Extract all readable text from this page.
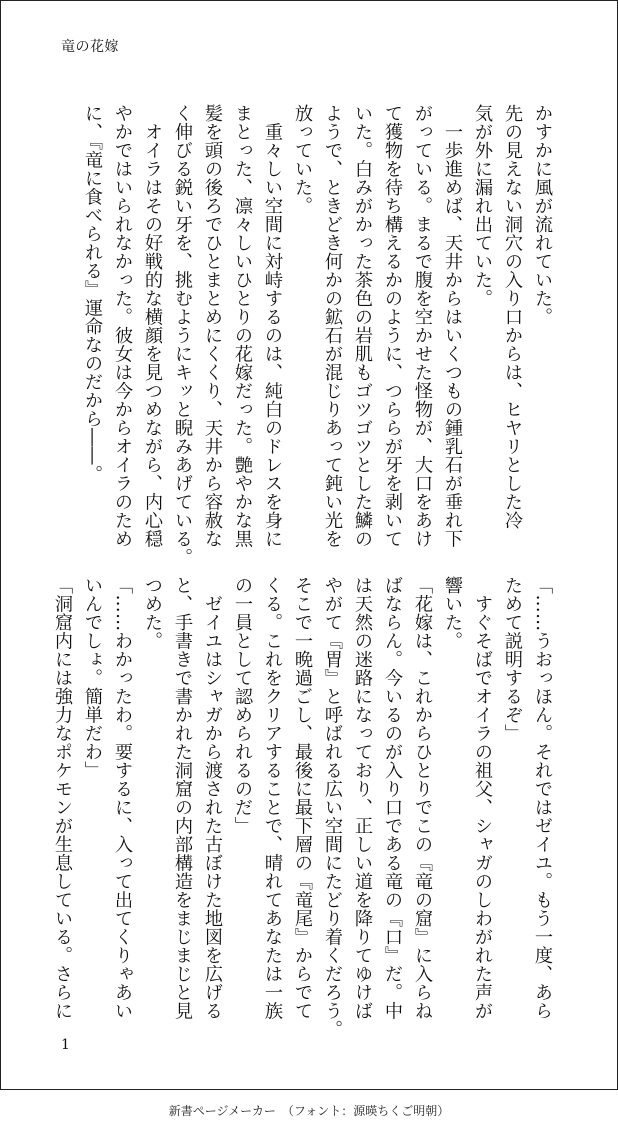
竜の花嫁
かすかに風が流れていた。
先の見えない洞穴の入り口からは、ヒヤリとした冷
気が外に漏れ出ていた。
　一歩進めば、天井からはいくつもの鍾乳石が垂れ下
がっている。まるで腹を空かせた怪物が、大口をあけ
て獲物を待ち構えるかのように、つららが牙を剥いて
いた。白みがかった茶色の岩肌もゴツゴツとした鱗の
ようで、ときどき何かの鉱石が混じりあって鈍い光を
放っていた。
　重々しい空間に対峙するのは、純白のドレスを身に
まとった、凛々しいひとりの花嫁だった。艶やかな黒
髪を頭の後ろでひとまとめにくくり、天井から容赦な
く伸びる鋭い牙を、挑むようにキッと睨みあげている。
　オイラはその好戦的な横顔を見つめながら、内心穏
やかではいられなかった。彼女は今からオイラのため
に、『竜に食べられる』運命なのだから――。
「……うおっほん。それではゼイユ。もう一度、あら
ためて説明するぞ」
　すぐそばでオイラの祖父、シャガのしわがれた声が
響いた。
「花嫁は、これからひとりでこの『竜の窟』に入らね
ばならん。今いるのが入り口である竜の『口』だ。中
は天然の迷路になっており、正しい道を降りてゆけば
やがて『胃』と呼ばれる広い空間にたどり着くだろう。
そこで一晩過ごし、最後に最下層の『竜尾』からでて
くる。これをクリアすることで、晴れてあなたは一族
の一員として認められるのだ」
　ゼイユはシャガから渡された古ぼけた地図を広げる
と、手書きで書かれた洞窟の内部構造をまじまじと見
つめた。
「……わかったわ。要するに、入って出てくりゃあい
いんでしょ。簡単だわ」
「洞窟内には強力なポケモンが生息している。さらに
1
新書ページメーカー　（フォント：源暎ちくご明朝）
